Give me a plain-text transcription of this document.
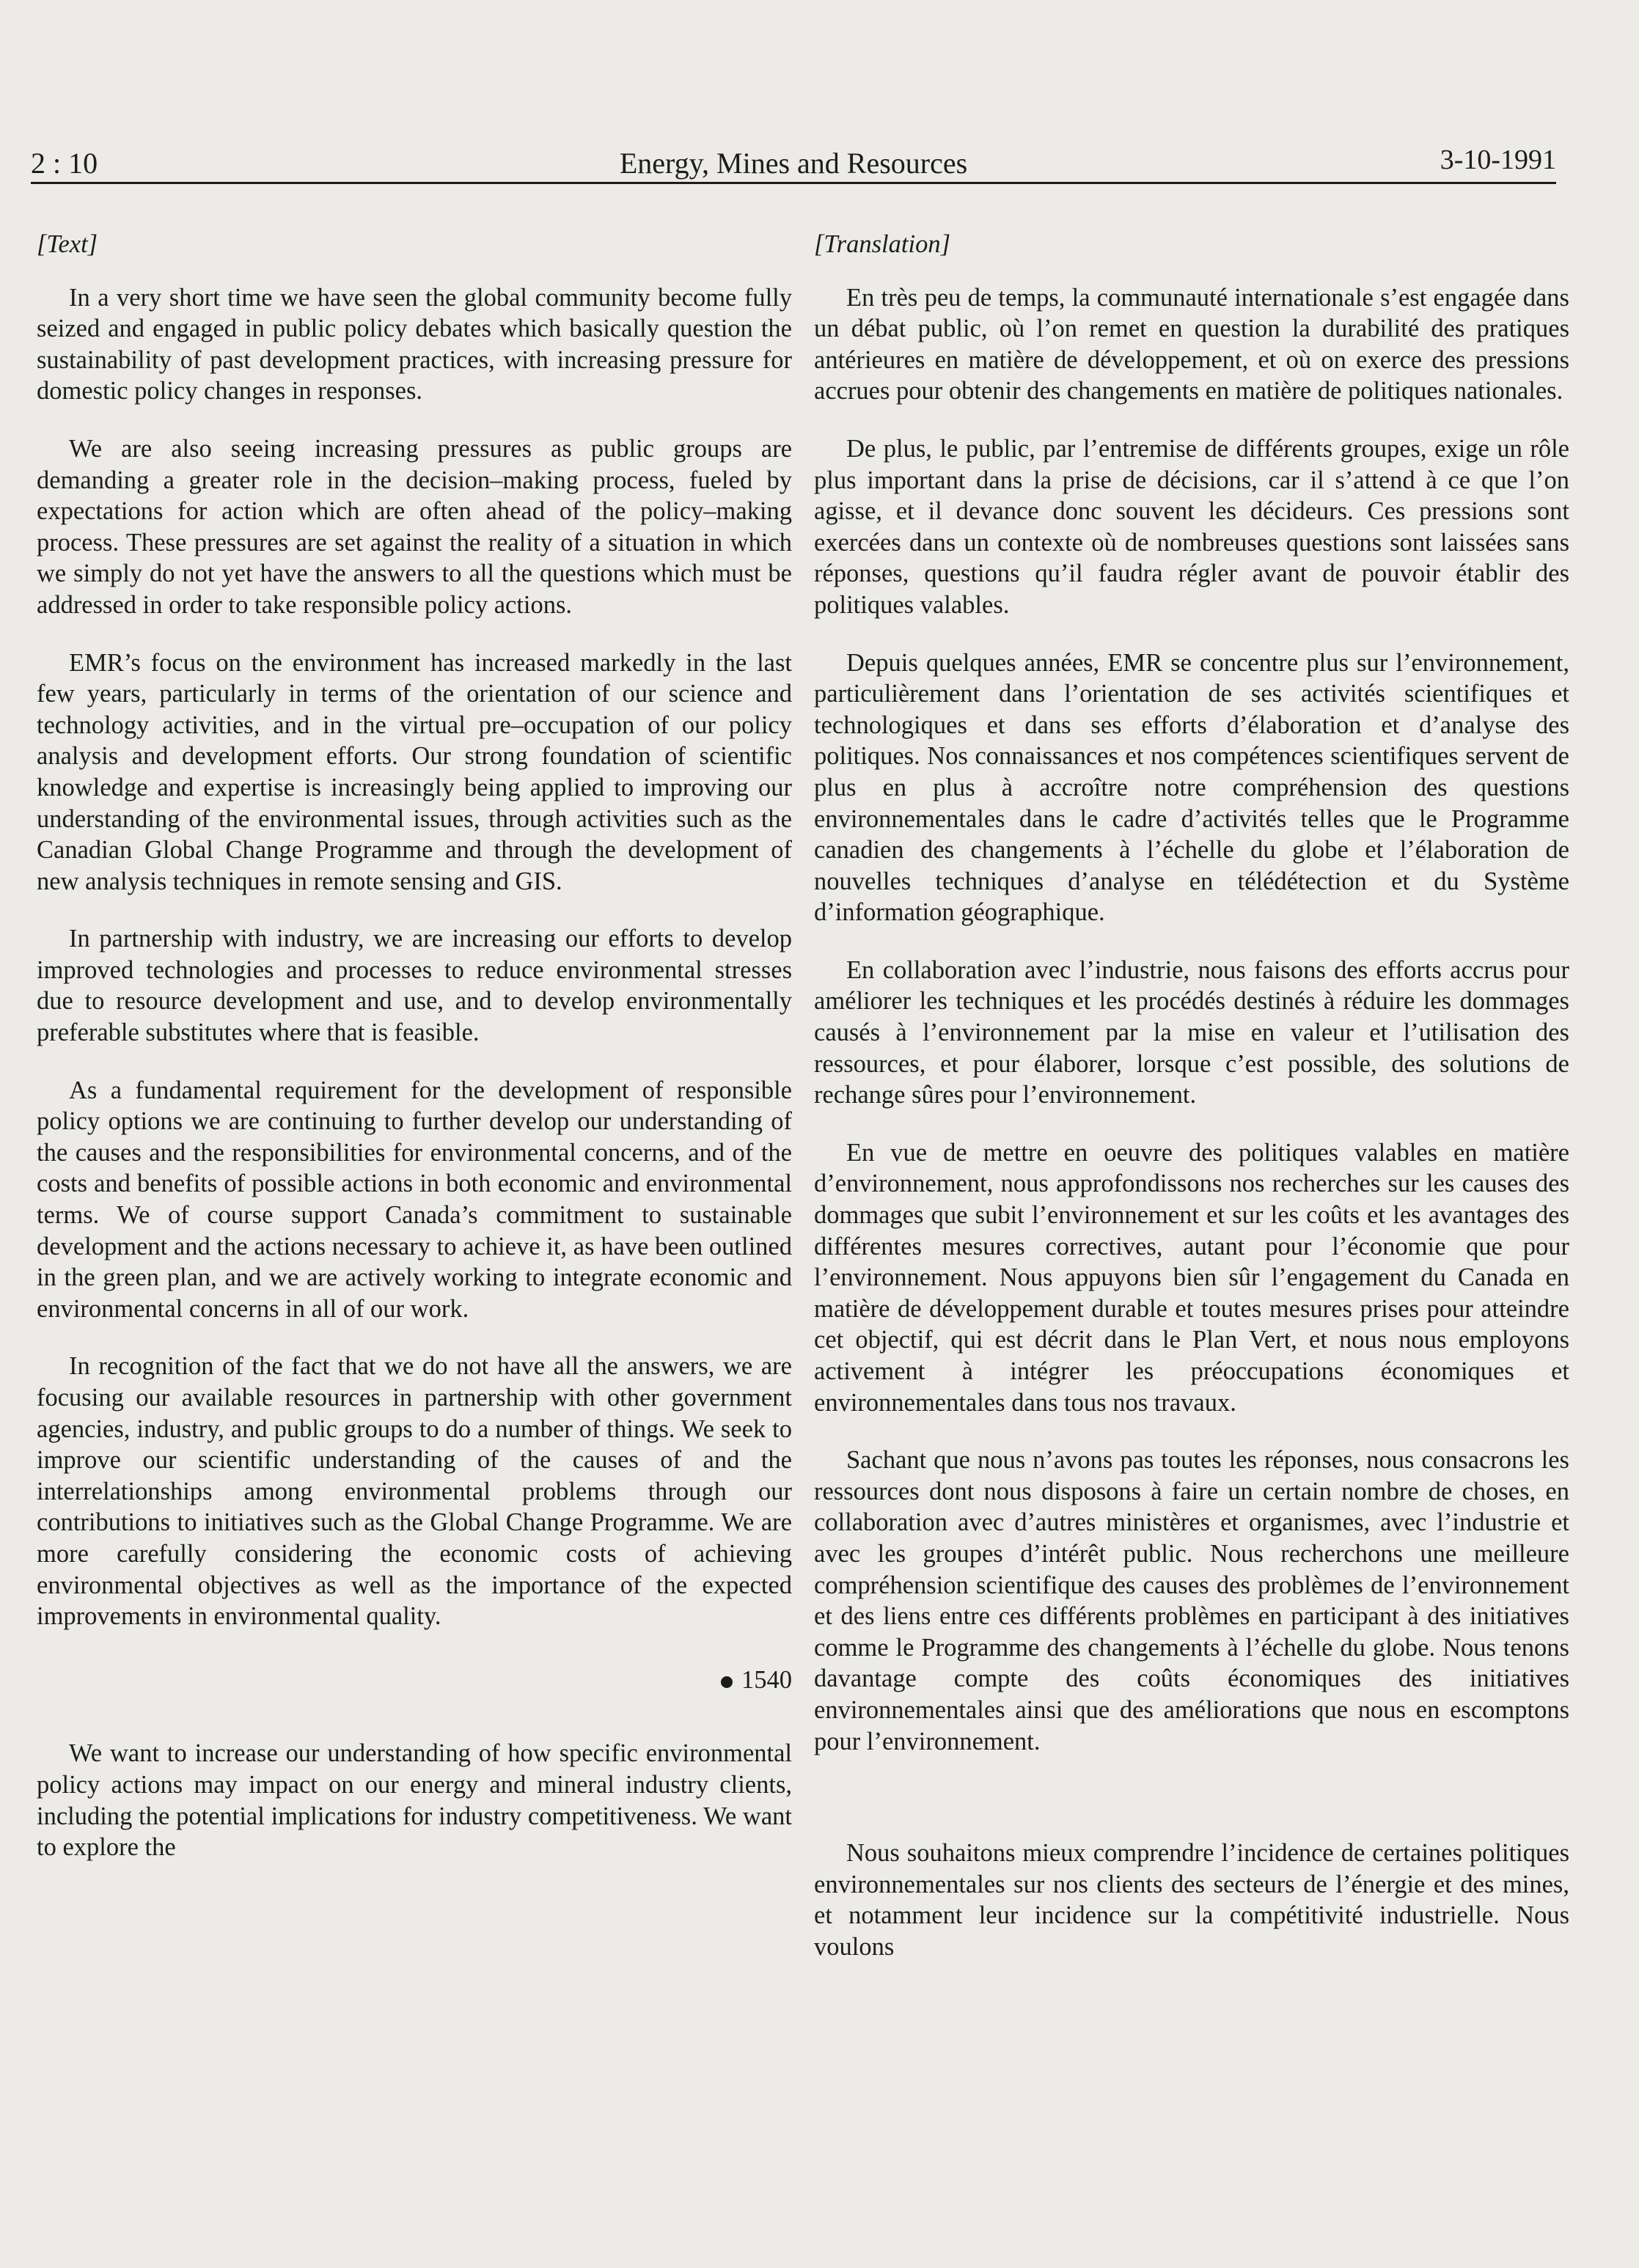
2 : 10	Energy, Mines and Resources	3-10-1991
[Text]

In a very short time we have seen the global community become fully seized and engaged in public policy debates which basically question the sustainability of past development practices, with increasing pressure for domestic policy changes in responses.

We are also seeing increasing pressures as public groups are demanding a greater role in the decision–making process, fueled by expectations for action which are often ahead of the policy–making process. These pressures are set against the reality of a situation in which we simply do not yet have the answers to all the questions which must be addressed in order to take responsible policy actions.

EMR’s focus on the environment has increased markedly in the last few years, particularly in terms of the orientation of our science and technology activities, and in the virtual pre–occupation of our policy analysis and development efforts. Our strong foundation of scientific knowledge and expertise is increasingly being applied to improving our understanding of the environmental issues, through activities such as the Canadian Global Change Programme and through the development of new analysis techniques in remote sensing and GIS.

In partnership with industry, we are increasing our efforts to develop improved technologies and processes to reduce environmental stresses due to resource development and use, and to develop environmentally preferable substitutes where that is feasible.

As a fundamental requirement for the development of responsible policy options we are continuing to further develop our understanding of the causes and the responsibilities for environmental concerns, and of the costs and benefits of possible actions in both economic and environmental terms. We of course support Canada’s commitment to sustainable development and the actions necessary to achieve it, as have been outlined in the green plan, and we are actively working to integrate economic and environmental concerns in all of our work.

In recognition of the fact that we do not have all the answers, we are focusing our available resources in partnership with other government agencies, industry, and public groups to do a number of things. We seek to improve our scientific understanding of the causes of and the interrelationships among environmental problems through our contributions to initiatives such as the Global Change Programme. We are more carefully considering the economic costs of achieving environmental objectives as well as the importance of the expected improvements in environmental quality.

1540

We want to increase our understanding of how specific environmental policy actions may impact on our energy and mineral industry clients, including the potential implications for industry competitiveness. We want to explore the

[Translation]

En très peu de temps, la communauté internationale s’est engagée dans un débat public, où l’on remet en question la durabilité des pratiques antérieures en matière de développement, et où on exerce des pressions accrues pour obtenir des changements en matière de politiques nationales.

De plus, le public, par l’entremise de différents groupes, exige un rôle plus important dans la prise de décisions, car il s’attend à ce que l’on agisse, et il devance donc souvent les décideurs. Ces pressions sont exercées dans un contexte où de nombreuses questions sont laissées sans réponses, questions qu’il faudra régler avant de pouvoir établir des politiques valables.

Depuis quelques années, EMR se concentre plus sur l’environnement, particulièrement dans l’orientation de ses activités scientifiques et technologiques et dans ses efforts d’élaboration et d’analyse des politiques. Nos connaissances et nos compétences scientifiques servent de plus en plus à accroître notre compréhension des questions environnementales dans le cadre d’activités telles que le Programme canadien des changements à l’échelle du globe et l’élaboration de nouvelles techniques d’analyse en télédétection et du Système d’information géographique.

En collaboration avec l’industrie, nous faisons des efforts accrus pour améliorer les techniques et les procédés destinés à réduire les dommages causés à l’environnement par la mise en valeur et l’utilisation des ressources, et pour élaborer, lorsque c’est possible, des solutions de rechange sûres pour l’environnement.

En vue de mettre en oeuvre des politiques valables en matière d’environnement, nous approfondissons nos recherches sur les causes des dommages que subit l’environnement et sur les coûts et les avantages des différentes mesures correctives, autant pour l’économie que pour l’environnement. Nous appuyons bien sûr l’engagement du Canada en matière de développement durable et toutes mesures prises pour atteindre cet objectif, qui est décrit dans le Plan Vert, et nous nous employons activement à intégrer les préoccupations économiques et environnementales dans tous nos travaux.

Sachant que nous n’avons pas toutes les réponses, nous consacrons les ressources dont nous disposons à faire un certain nombre de choses, en collaboration avec d’autres ministères et organismes, avec l’industrie et avec les groupes d’intérêt public. Nous recherchons une meilleure compréhension scientifique des causes des problèmes de l’environnement et des liens entre ces différents problèmes en participant à des initiatives comme le Programme des changements à l’échelle du globe. Nous tenons davantage compte des coûts économiques des initiatives environnementales ainsi que des améliorations que nous en escomptons pour l’environnement.

Nous souhaitons mieux comprendre l’incidence de certaines politiques environnementales sur nos clients des secteurs de l’énergie et des mines, et notamment leur incidence sur la compétitivité industrielle. Nous voulons
